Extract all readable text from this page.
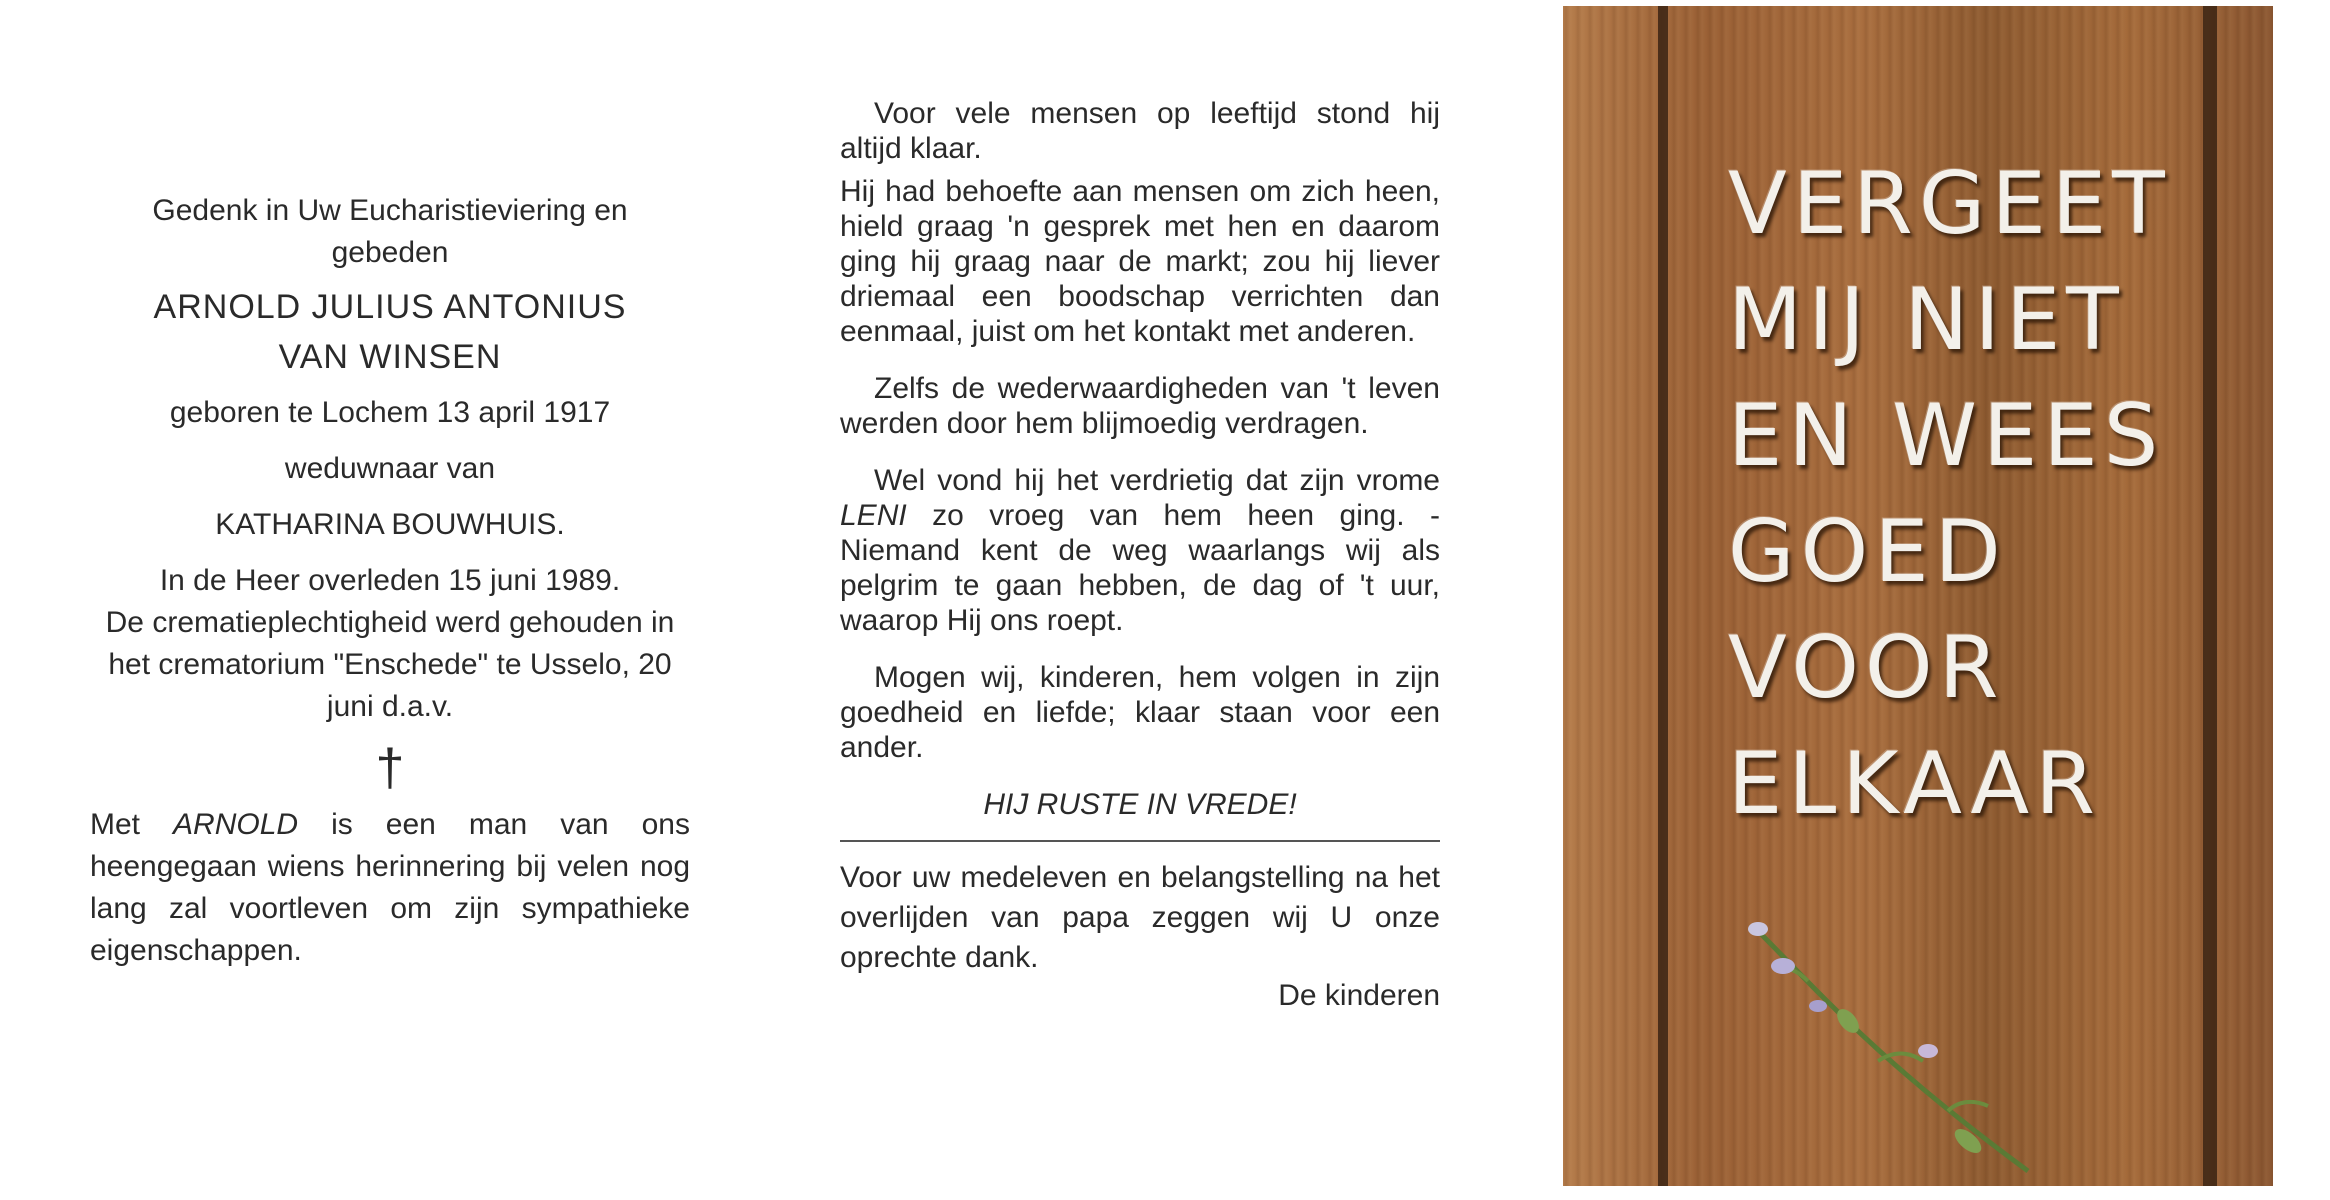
Gedenk in Uw Eucharistieviering en gebeden

ARNOLD JULIUS ANTONIUS
VAN WINSEN

geboren te Lochem 13 april 1917

weduwnaar van

KATHARINA BOUWHUIS.

In de Heer overleden 15 juni 1989.

De crematieplechtigheid werd gehouden in het crematorium "Enschede" te Usselo, 20 juni d.a.v.

†

Met ARNOLD is een man van ons heengegaan wiens herinnering bij velen nog lang zal voortleven om zijn sympathieke eigenschappen.

Voor vele mensen op leeftijd stond hij altijd klaar.

Hij had behoefte aan mensen om zich heen, hield graag 'n gesprek met hen en daarom ging hij graag naar de markt; zou hij liever driemaal een boodschap verrichten dan eenmaal, juist om het kontakt met anderen.

Zelfs de wederwaardigheden van 't leven werden door hem blijmoedig verdragen.

Wel vond hij het verdrietig dat zijn vrome LENI zo vroeg van hem heen ging. - Niemand kent de weg waarlangs wij als pelgrim te gaan hebben, de dag of 't uur, waarop Hij ons roept.

Mogen wij, kinderen, hem volgen in zijn goedheid en liefde; klaar staan voor een ander.

HIJ RUSTE IN VREDE!

Voor uw medeleven en belangstelling na het overlijden van papa zeggen wij U onze oprechte dank.

De kinderen

VERGEET
MIJ NIET
EN WEES
GOED
VOOR
ELKAAR
